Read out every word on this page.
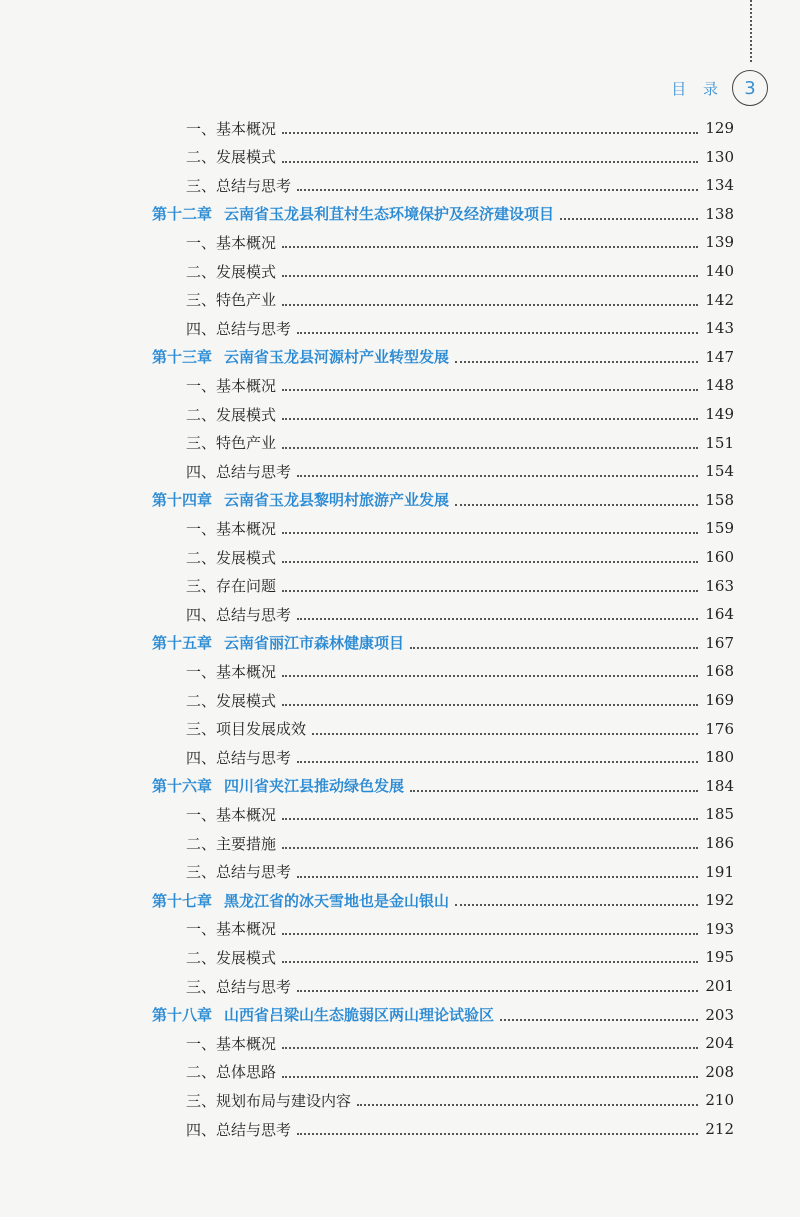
目 录	3
一、基本概况	129
二、发展模式	130
三、总结与思考	134
第十二章 云南省玉龙县利苴村生态环境保护及经济建设项目	138
一、基本概况	139
二、发展模式	140
三、特色产业	142
四、总结与思考	143
第十三章 云南省玉龙县河源村产业转型发展	147
一、基本概况	148
二、发展模式	149
三、特色产业	151
四、总结与思考	154
第十四章 云南省玉龙县黎明村旅游产业发展	158
一、基本概况	159
二、发展模式	160
三、存在问题	163
四、总结与思考	164
第十五章 云南省丽江市森林健康项目	167
一、基本概况	168
二、发展模式	169
三、项目发展成效	176
四、总结与思考	180
第十六章 四川省夹江县推动绿色发展	184
一、基本概况	185
二、主要措施	186
三、总结与思考	191
第十七章 黑龙江省的冰天雪地也是金山银山	192
一、基本概况	193
二、发展模式	195
三、总结与思考	201
第十八章 山西省吕梁山生态脆弱区两山理论试验区	203
一、基本概况	204
二、总体思路	208
三、规划布局与建设内容	210
四、总结与思考	212
